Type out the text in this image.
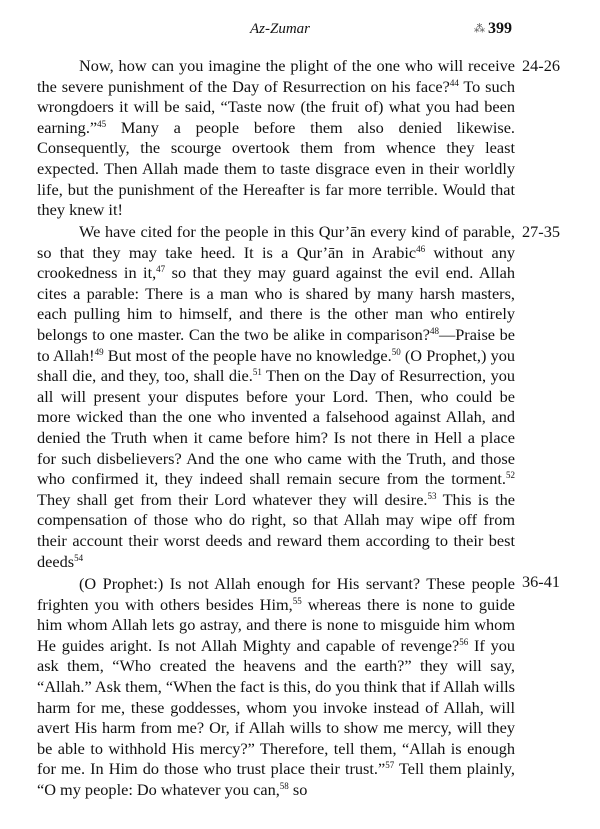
Az-Zumar	⁂ 399
Now, how can you imagine the plight of the one who will receive the severe punishment of the Day of Resurrection on his face?$^{44}$ To such wrongdoers it will be said, “Taste now (the fruit of) what you had been earning.”$^{45}$ Many a people before them also denied likewise. Consequently, the scourge overtook them from whence they least expected. Then Allah made them to taste disgrace even in their worldly life, but the punishment of the Hereafter is far more terrible. Would that they knew it!
24-26
We have cited for the people in this Qur’ān every kind of parable, so that they may take heed. It is a Qur’ān in Arabic$^{46}$ without any crookedness in it,$^{47}$ so that they may guard against the evil end. Allah cites a parable: There is a man who is shared by many harsh masters, each pulling him to himself, and there is the other man who entirely belongs to one master. Can the two be alike in comparison?$^{48}$—Praise be to Allah!$^{49}$ But most of the people have no knowledge.$^{50}$ (O Prophet,) you shall die, and they, too, shall die.$^{51}$ Then on the Day of Resurrection, you all will present your disputes before your Lord. Then, who could be more wicked than the one who invented a falsehood against Allah, and denied the Truth when it came before him? Is not there in Hell a place for such disbelievers? And the one who came with the Truth, and those who confirmed it, they indeed shall remain secure from the torment.$^{52}$ They shall get from their Lord whatever they will desire.$^{53}$ This is the compensation of those who do right, so that Allah may wipe off from their account their worst deeds and reward them according to their best deeds$^{54}$
27-35
(O Prophet:) Is not Allah enough for His servant? These people frighten you with others besides Him,$^{55}$ whereas there is none to guide him whom Allah lets go astray, and there is none to misguide him whom He guides aright. Is not Allah Mighty and capable of revenge?$^{56}$ If you ask them, “Who created the heavens and the earth?” they will say, “Allah.” Ask them, “When the fact is this, do you think that if Allah wills harm for me, these goddesses, whom you invoke instead of Allah, will avert His harm from me? Or, if Allah wills to show me mercy, will they be able to withhold His mercy?” Therefore, tell them, “Allah is enough for me. In Him do those who trust place their trust.”$^{57}$ Tell them plainly, “O my people: Do whatever you can,$^{58}$ so
36-41
